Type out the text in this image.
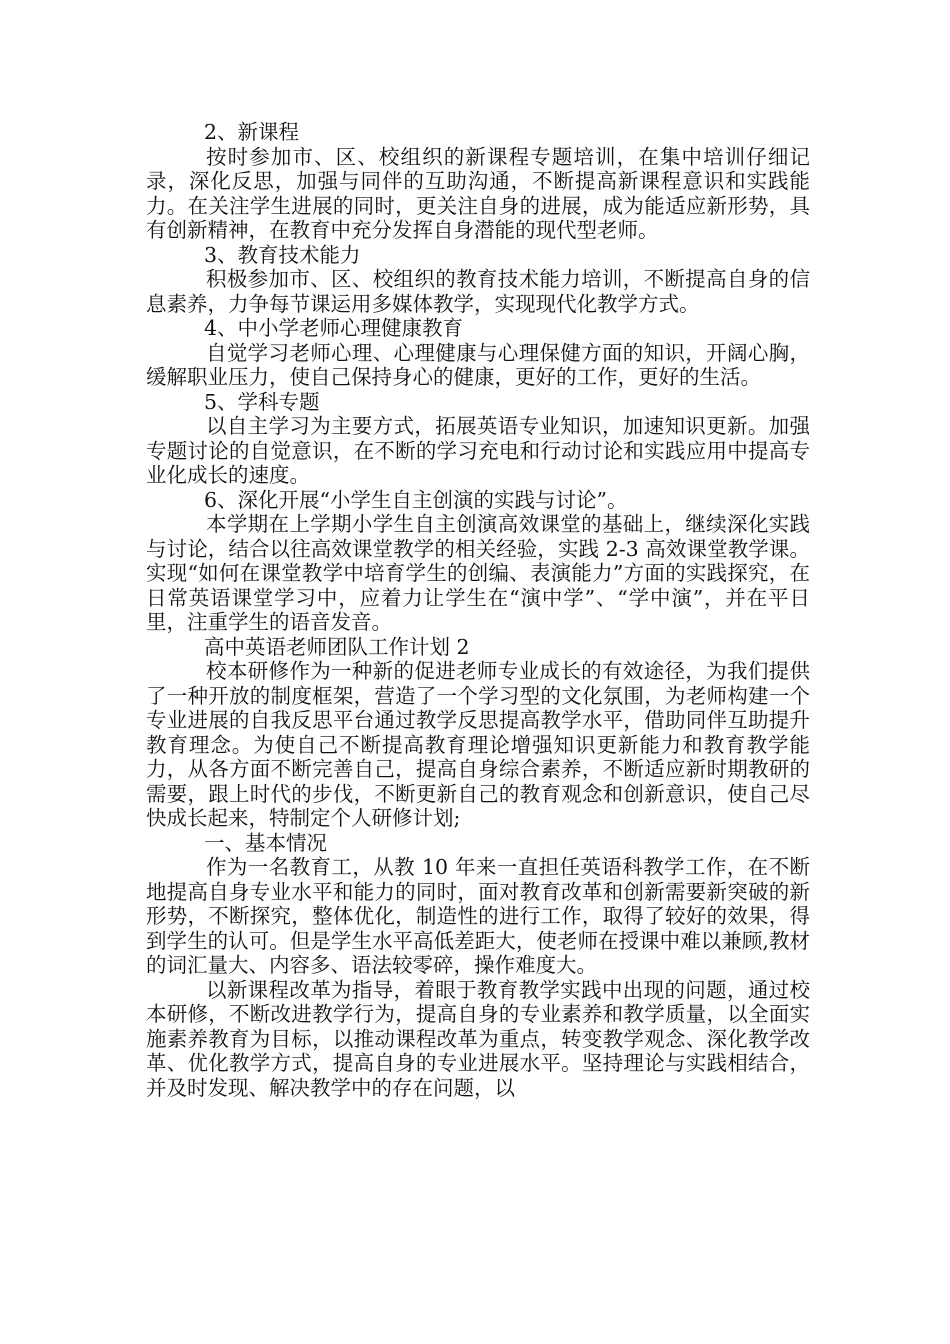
2、新课程

按时参加市、区、校组织的新课程专题培训，在集中培训仔细记录，深化反思，加强与同伴的互助沟通，不断提高新课程意识和实践能力。在关注学生进展的同时，更关注自身的进展，成为能适应新形势，具有创新精神，在教育中充分发挥自身潜能的现代型老师。

3、教育技术能力

积极参加市、区、校组织的教育技术能力培训，不断提高自身的信息素养，力争每节课运用多媒体教学，实现现代化教学方式。

4、中小学老师心理健康教育

自觉学习老师心理、心理健康与心理保健方面的知识，开阔心胸，缓解职业压力，使自己保持身心的健康，更好的工作，更好的生活。

5、学科专题

以自主学习为主要方式，拓展英语专业知识，加速知识更新。加强专题讨论的自觉意识，在不断的学习充电和行动讨论和实践应用中提高专业化成长的速度。

6、深化开展“小学生自主创演的实践与讨论”。

本学期在上学期小学生自主创演高效课堂的基础上，继续深化实践与讨论，结合以往高效课堂教学的相关经验，实践 2-3 高效课堂教学课。实现“如何在课堂教学中培育学生的创编、表演能力”方面的实践探究，在日常英语课堂学习中，应着力让学生在“演中学”、“学中演”，并在平日里，注重学生的语音发音。

高中英语老师团队工作计划 2

校本研修作为一种新的促进老师专业成长的有效途径，为我们提供了一种开放的制度框架，营造了一个学习型的文化氛围，为老师构建一个专业进展的自我反思平台通过教学反思提高教学水平，借助同伴互助提升教育理念。为使自己不断提高教育理论增强知识更新能力和教育教学能力，从各方面不断完善自己，提高自身综合素养，不断适应新时期教研的需要，跟上时代的步伐，不断更新自己的教育观念和创新意识，使自己尽快成长起来，特制定个人研修计划;

一、基本情况

作为一名教育工，从教 10 年来一直担任英语科教学工作，在不断地提高自身专业水平和能力的同时，面对教育改革和创新需要新突破的新形势，不断探究，整体优化，制造性的进行工作，取得了较好的效果，得到学生的认可。但是学生水平高低差距大，使老师在授课中难以兼顾,教材的词汇量大、内容多、语法较零碎，操作难度大。

以新课程改革为指导，着眼于教育教学实践中出现的问题，通过校本研修，不断改进教学行为，提高自身的专业素养和教学质量，以全面实施素养教育为目标，以推动课程改革为重点，转变教学观念、深化教学改革、优化教学方式，提高自身的专业进展水平。坚持理论与实践相结合，并及时发现、解决教学中的存在问题，以
